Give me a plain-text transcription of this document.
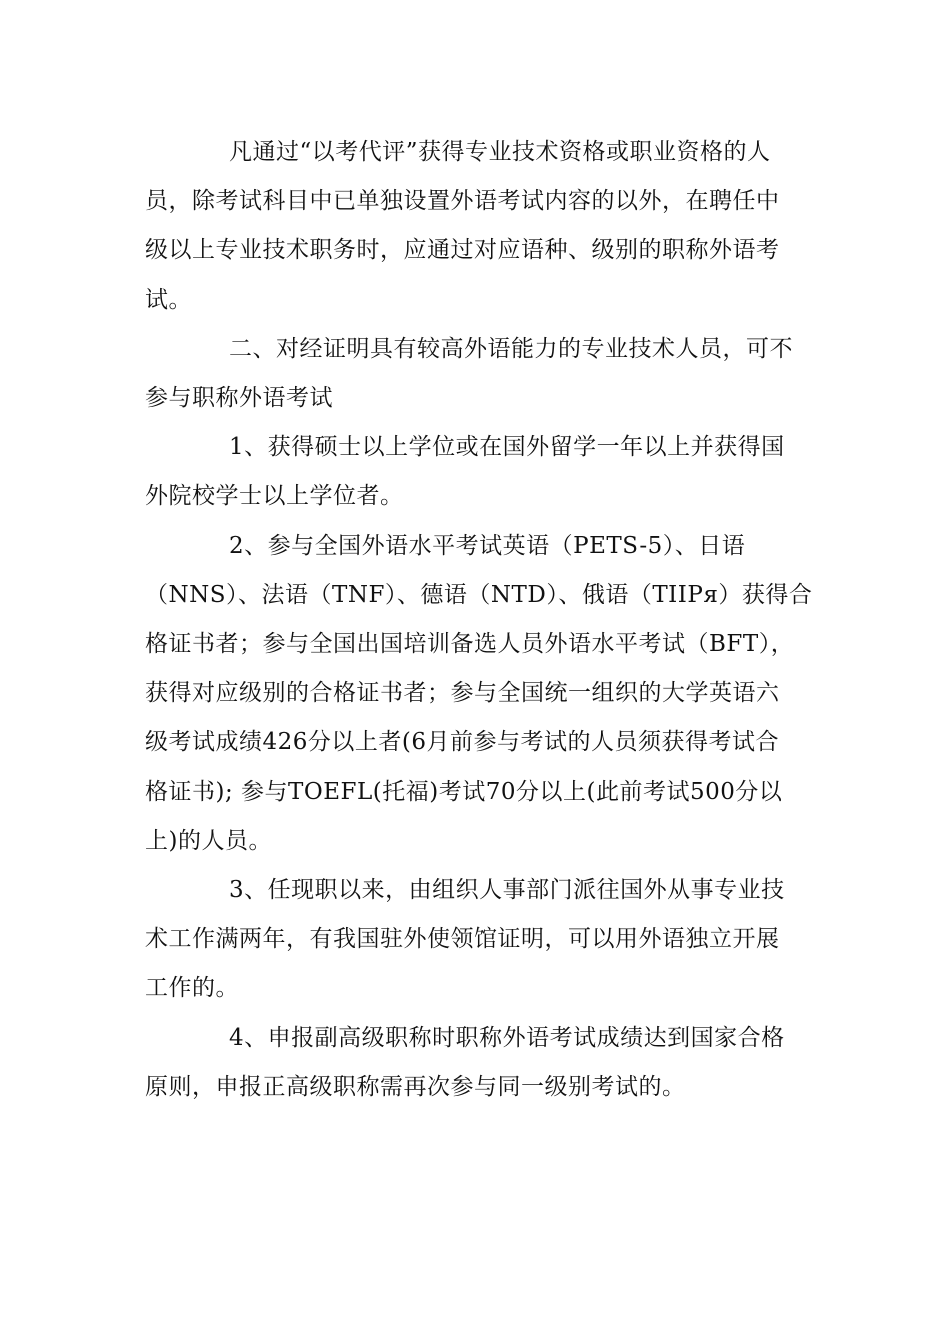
凡通过“以考代评”获得专业技术资格或职业资格的人
员，除考试科目中已单独设置外语考试内容的以外，在聘任中
级以上专业技术职务时，应通过对应语种、级别的职称外语考
试。
二、对经证明具有较高外语能力的专业技术人员，可不
参与职称外语考试
1、获得硕士以上学位或在国外留学一年以上并获得国
外院校学士以上学位者。
2、参与全国外语水平考试英语（PETS-5）、日语
（NNS）、法语（TNF）、德语（NTD）、俄语（TIIPя）获得合
格证书者；参与全国出国培训备选人员外语水平考试（BFT），
获得对应级别的合格证书者；参与全国统一组织的大学英语六
级考试成绩426分以上者(6月前参与考试的人员须获得考试合
格证书); 参与TOEFL(托福)考试70分以上(此前考试500分以
上)的人员。
3、任现职以来，由组织人事部门派往国外从事专业技
术工作满两年，有我国驻外使领馆证明，可以用外语独立开展
工作的。
4、申报副高级职称时职称外语考试成绩达到国家合格
原则，申报正高级职称需再次参与同一级别考试的。
